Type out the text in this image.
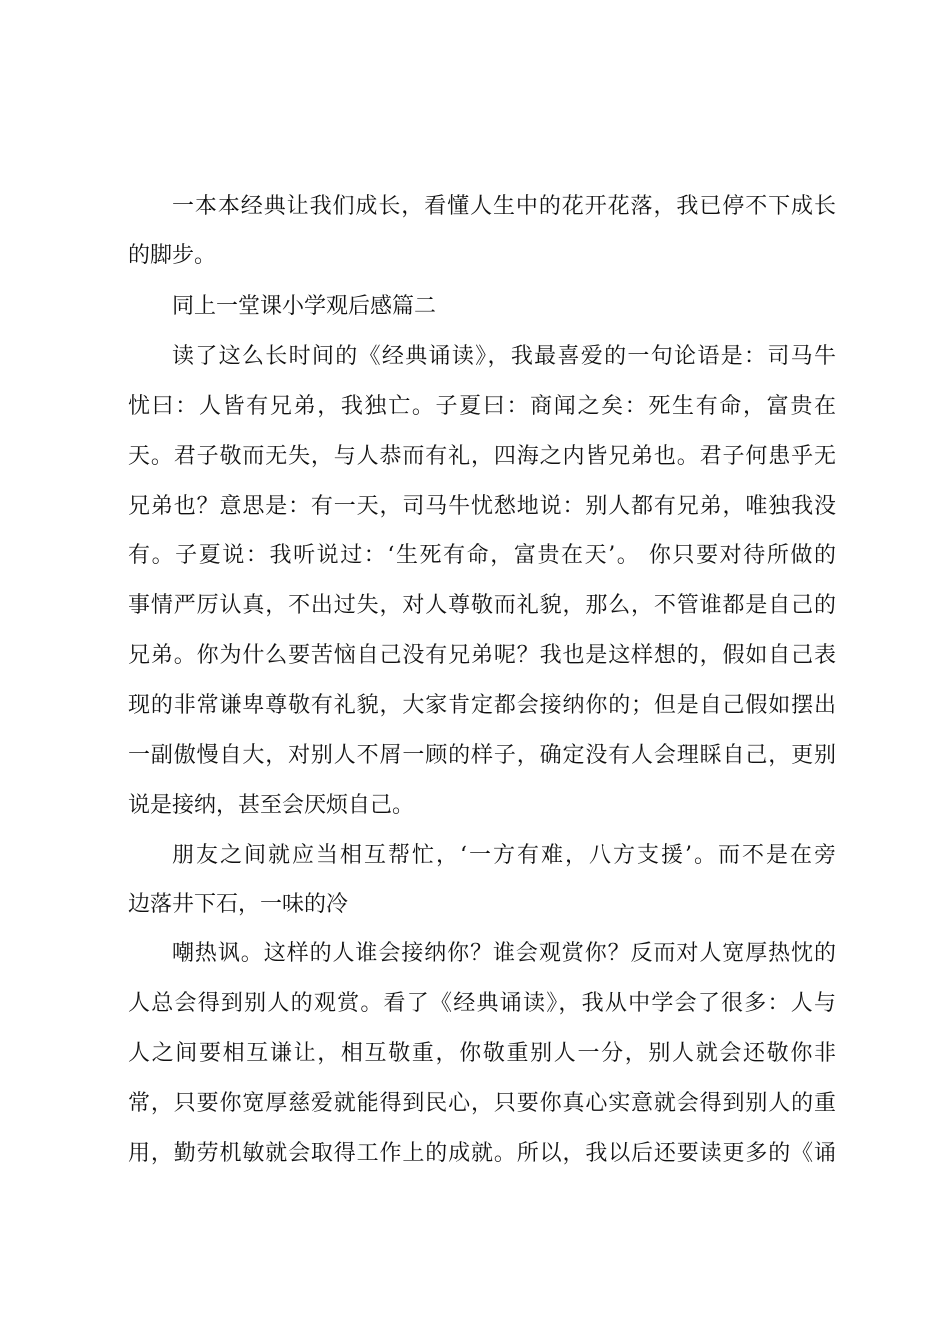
一本本经典让我们成长，看懂人生中的花开花落，我已停不下成长
的脚步。
同上一堂课小学观后感篇二
读了这么长时间的《经典诵读》，我最喜爱的一句论语是：司马牛
忧曰：人皆有兄弟，我独亡。子夏曰：商闻之矣：死生有命，富贵在
天。君子敬而无失，与人恭而有礼，四海之内皆兄弟也。君子何患乎无
兄弟也？意思是：有一天，司马牛忧愁地说：别人都有兄弟，唯独我没
有。子夏说：我听说过：‘生死有命，富贵在天’。 你只要对待所做的
事情严厉认真，不出过失，对人尊敬而礼貌，那么，不管谁都是自己的
兄弟。你为什么要苦恼自己没有兄弟呢？我也是这样想的，假如自己表
现的非常谦卑尊敬有礼貌，大家肯定都会接纳你的；但是自己假如摆出
一副傲慢自大，对别人不屑一顾的样子，确定没有人会理睬自己，更别
说是接纳，甚至会厌烦自己。
朋友之间就应当相互帮忙，‘一方有难，八方支援’。而不是在旁
边落井下石，一味的冷
嘲热讽。这样的人谁会接纳你？谁会观赏你？反而对人宽厚热忱的
人总会得到别人的观赏。看了《经典诵读》，我从中学会了很多：人与
人之间要相互谦让，相互敬重，你敬重别人一分，别人就会还敬你非
常，只要你宽厚慈爱就能得到民心，只要你真心实意就会得到别人的重
用，勤劳机敏就会取得工作上的成就。所以，我以后还要读更多的《诵
